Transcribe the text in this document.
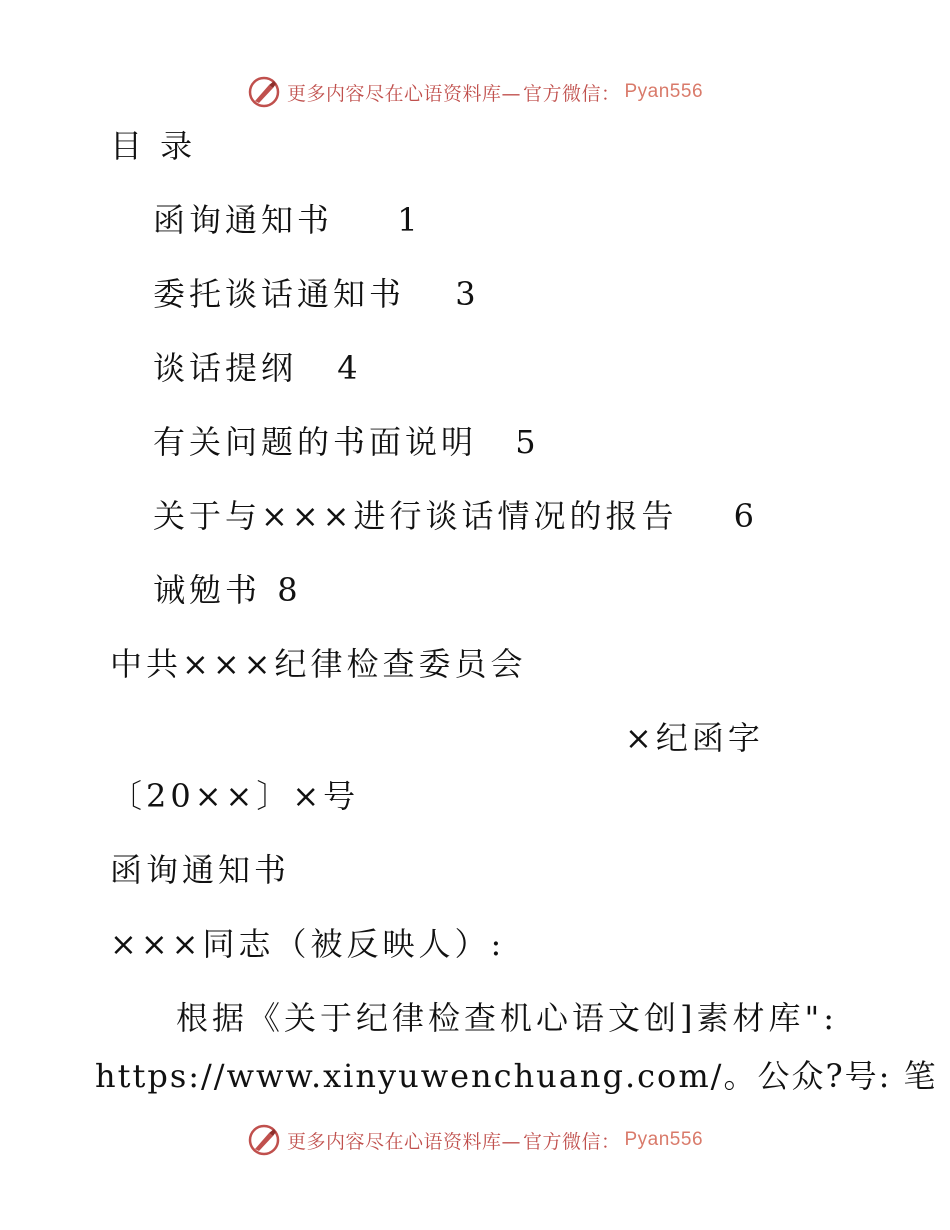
更多内容尽在心语资料库— 官方微信： Pyan556
目 录
函询通知书 1
委托谈话通知书 3
谈话提纲 4
有关问题的书面说明 5
关于与×××进行谈话情况的报告 6
诫勉书 8
中共×××纪律检查委员会
×纪函字
〔20××〕×号
函询通知书
×××同志（被反映人）:
根据《关于纪律检查机心语文创]素材库":
https://www.xinyuwenchuang.com/。公众?号: 笔
更多内容尽在心语资料库— 官方微信： Pyan556
